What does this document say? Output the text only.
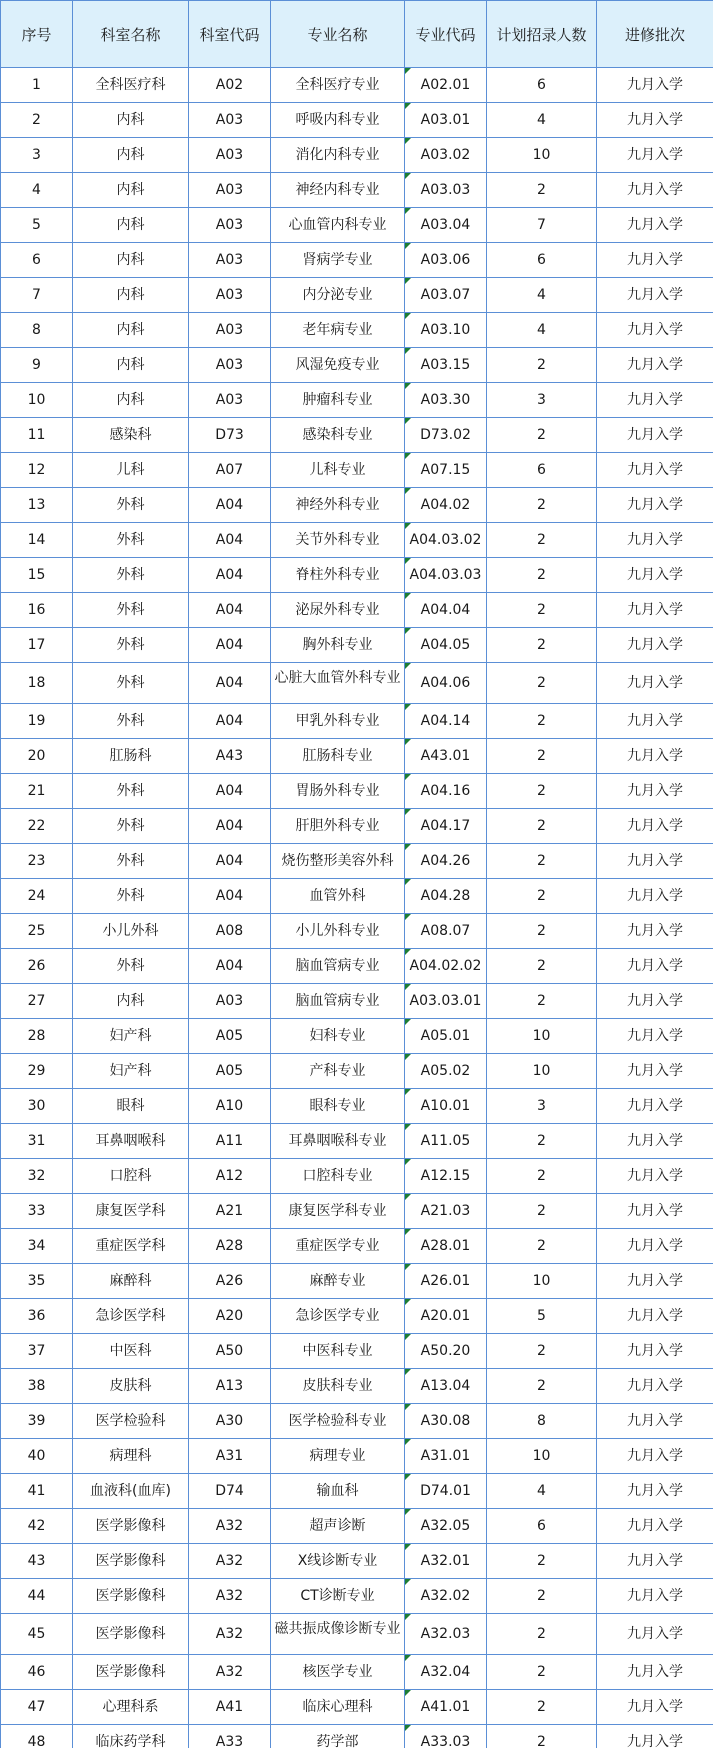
序号	科室名称	科室代码	专业名称	专业代码	计划招录人数	进修批次
1	全科医疗科	A02	全科医疗专业	A02.01	6	九月入学
2	内科	A03	呼吸内科专业	A03.01	4	九月入学
3	内科	A03	消化内科专业	A03.02	10	九月入学
4	内科	A03	神经内科专业	A03.03	2	九月入学
5	内科	A03	心血管内科专业	A03.04	7	九月入学
6	内科	A03	肾病学专业	A03.06	6	九月入学
7	内科	A03	内分泌专业	A03.07	4	九月入学
8	内科	A03	老年病专业	A03.10	4	九月入学
9	内科	A03	风湿免疫专业	A03.15	2	九月入学
10	内科	A03	肿瘤科专业	A03.30	3	九月入学
11	感染科	D73	感染科专业	D73.02	2	九月入学
12	儿科	A07	儿科专业	A07.15	6	九月入学
13	外科	A04	神经外科专业	A04.02	2	九月入学
14	外科	A04	关节外科专业	A04.03.02	2	九月入学
15	外科	A04	脊柱外科专业	A04.03.03	2	九月入学
16	外科	A04	泌尿外科专业	A04.04	2	九月入学
17	外科	A04	胸外科专业	A04.05	2	九月入学
18	外科	A04	心脏大血管外科专业	A04.06	2	九月入学
19	外科	A04	甲乳外科专业	A04.14	2	九月入学
20	肛肠科	A43	肛肠科专业	A43.01	2	九月入学
21	外科	A04	胃肠外科专业	A04.16	2	九月入学
22	外科	A04	肝胆外科专业	A04.17	2	九月入学
23	外科	A04	烧伤整形美容外科	A04.26	2	九月入学
24	外科	A04	血管外科	A04.28	2	九月入学
25	小儿外科	A08	小儿外科专业	A08.07	2	九月入学
26	外科	A04	脑血管病专业	A04.02.02	2	九月入学
27	内科	A03	脑血管病专业	A03.03.01	2	九月入学
28	妇产科	A05	妇科专业	A05.01	10	九月入学
29	妇产科	A05	产科专业	A05.02	10	九月入学
30	眼科	A10	眼科专业	A10.01	3	九月入学
31	耳鼻咽喉科	A11	耳鼻咽喉科专业	A11.05	2	九月入学
32	口腔科	A12	口腔科专业	A12.15	2	九月入学
33	康复医学科	A21	康复医学科专业	A21.03	2	九月入学
34	重症医学科	A28	重症医学专业	A28.01	2	九月入学
35	麻醉科	A26	麻醉专业	A26.01	10	九月入学
36	急诊医学科	A20	急诊医学专业	A20.01	5	九月入学
37	中医科	A50	中医科专业	A50.20	2	九月入学
38	皮肤科	A13	皮肤科专业	A13.04	2	九月入学
39	医学检验科	A30	医学检验科专业	A30.08	8	九月入学
40	病理科	A31	病理专业	A31.01	10	九月入学
41	血液科(血库)	D74	输血科	D74.01	4	九月入学
42	医学影像科	A32	超声诊断	A32.05	6	九月入学
43	医学影像科	A32	X线诊断专业	A32.01	2	九月入学
44	医学影像科	A32	CT诊断专业	A32.02	2	九月入学
45	医学影像科	A32	磁共振成像诊断专业	A32.03	2	九月入学
46	医学影像科	A32	核医学专业	A32.04	2	九月入学
47	心理科系	A41	临床心理科	A41.01	2	九月入学
48	临床药学科	A33	药学部	A33.03	2	九月入学
